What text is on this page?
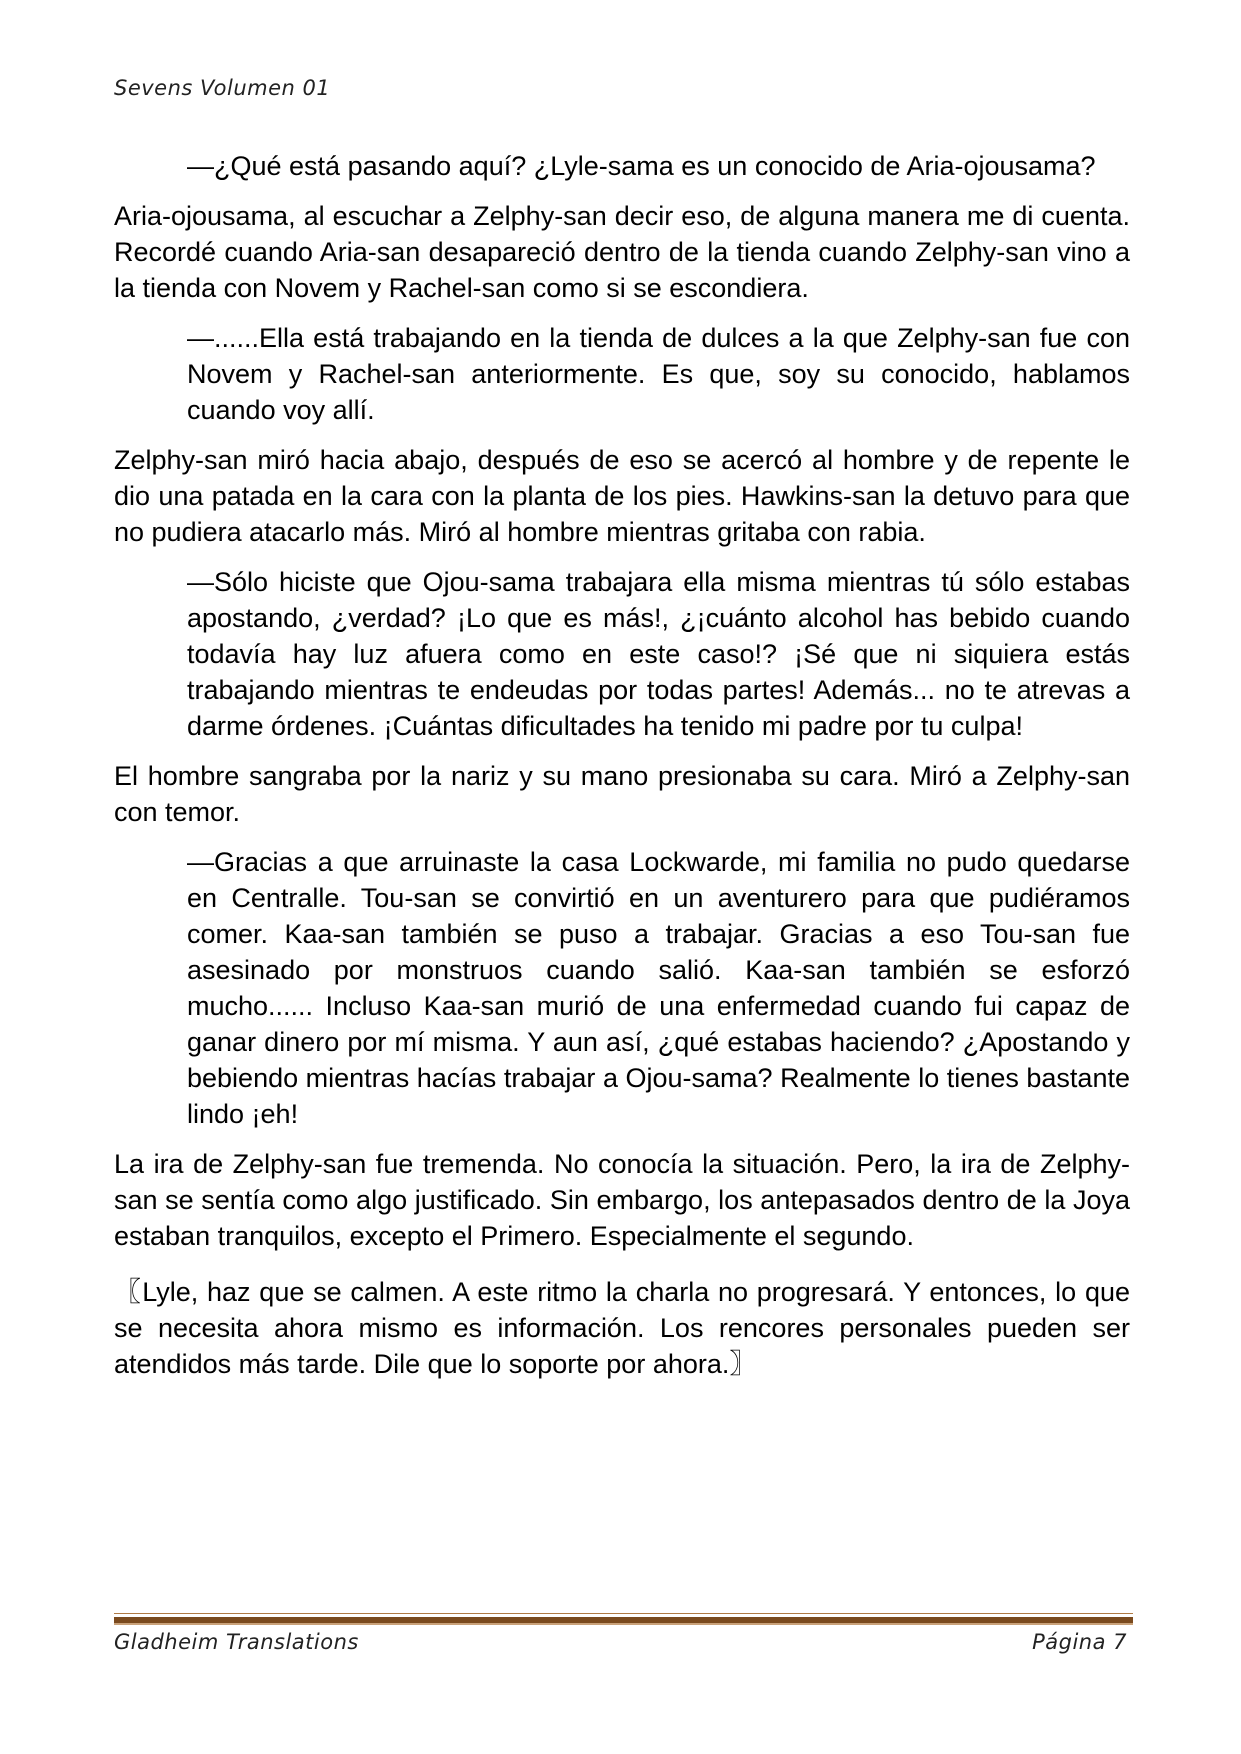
Sevens Volumen 01

—¿Qué está pasando aquí? ¿Lyle-sama es un conocido de Aria-ojousama?

Aria-ojousama, al escuchar a Zelphy-san decir eso, de alguna manera me di cuenta. Recordé cuando Aria-san desapareció dentro de la tienda cuando Zelphy-san vino a la tienda con Novem y Rachel-san como si se escondiera.

—......Ella está trabajando en la tienda de dulces a la que Zelphy-san fue con Novem y Rachel-san anteriormente. Es que, soy su conocido, hablamos cuando voy allí.

Zelphy-san miró hacia abajo, después de eso se acercó al hombre y de repente le dio una patada en la cara con la planta de los pies. Hawkins-san la detuvo para que no pudiera atacarlo más. Miró al hombre mientras gritaba con rabia.

—Sólo hiciste que Ojou-sama trabajara ella misma mientras tú sólo estabas apostando, ¿verdad? ¡Lo que es más!, ¿¡cuánto alcohol has bebido cuando todavía hay luz afuera como en este caso!? ¡Sé que ni siquiera estás trabajando mientras te endeudas por todas partes! Además... no te atrevas a darme órdenes. ¡Cuántas dificultades ha tenido mi padre por tu culpa!

El hombre sangraba por la nariz y su mano presionaba su cara. Miró a Zelphy-san con temor.

—Gracias a que arruinaste la casa Lockwarde, mi familia no pudo quedarse en Centralle. Tou-san se convirtió en un aventurero para que pudiéramos comer. Kaa-san también se puso a trabajar. Gracias a eso Tou-san fue asesinado por monstruos cuando salió. Kaa-san también se esforzó mucho...... Incluso Kaa-san murió de una enfermedad cuando fui capaz de ganar dinero por mí misma. Y aun así, ¿qué estabas haciendo? ¿Apostando y bebiendo mientras hacías trabajar a Ojou-sama? Realmente lo tienes bastante lindo ¡eh!

La ira de Zelphy-san fue tremenda. No conocía la situación. Pero, la ira de Zelphy-san se sentía como algo justificado. Sin embargo, los antepasados dentro de la Joya estaban tranquilos, excepto el Primero. Especialmente el segundo.

〖Lyle, haz que se calmen. A este ritmo la charla no progresará. Y entonces, lo que se necesita ahora mismo es información. Los rencores personales pueden ser atendidos más tarde. Dile que lo soporte por ahora.〗

Gladheim Translations	Página 7
